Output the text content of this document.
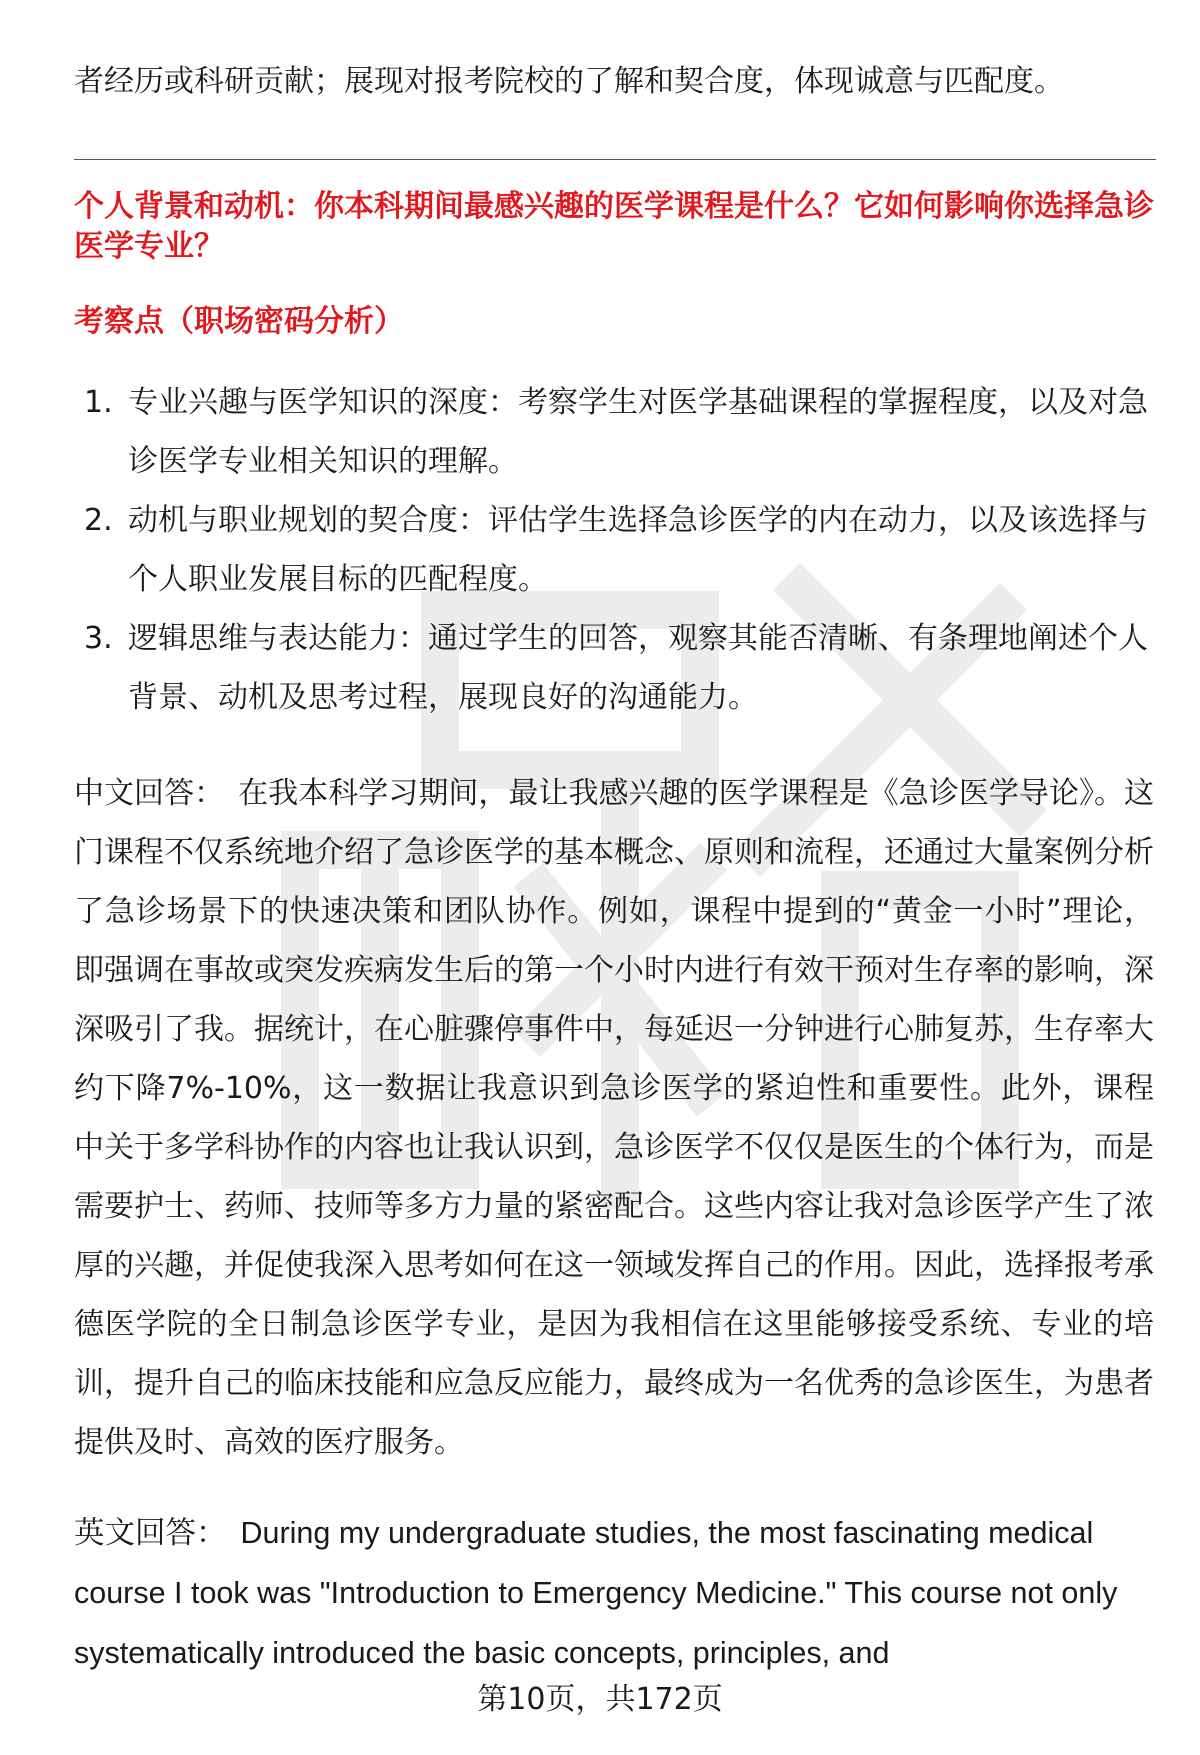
者经历或科研贡献；展现对报考院校的了解和契合度，体现诚意与匹配度。
个人背景和动机：你本科期间最感兴趣的医学课程是什么？它如何影响你选择急诊医学专业？
考察点（职场密码分析）
1. 专业兴趣与医学知识的深度：考察学生对医学基础课程的掌握程度，以及对急诊医学专业相关知识的理解。
2. 动机与职业规划的契合度：评估学生选择急诊医学的内在动力，以及该选择与个人职业发展目标的匹配程度。
3. 逻辑思维与表达能力：通过学生的回答，观察其能否清晰、有条理地阐述个人背景、动机及思考过程，展现良好的沟通能力。
中文回答： 在我本科学习期间，最让我感兴趣的医学课程是《急诊医学导论》。这门课程不仅系统地介绍了急诊医学的基本概念、原则和流程，还通过大量案例分析了急诊场景下的快速决策和团队协作。例如，课程中提到的“黄金一小时”理论，即强调在事故或突发疾病发生后的第一个小时内进行有效干预对生存率的影响，深深吸引了我。据统计，在心脏骤停事件中，每延迟一分钟进行心肺复苏，生存率大约下降7%-10%，这一数据让我意识到急诊医学的紧迫性和重要性。此外，课程中关于多学科协作的内容也让我认识到，急诊医学不仅仅是医生的个体行为，而是需要护士、药师、技师等多方力量的紧密配合。这些内容让我对急诊医学产生了浓厚的兴趣，并促使我深入思考如何在这一领域发挥自己的作用。因此，选择报考承德医学院的全日制急诊医学专业，是因为我相信在这里能够接受系统、专业的培训，提升自己的临床技能和应急反应能力，最终成为一名优秀的急诊医生，为患者提供及时、高效的医疗服务。
英文回答： During my undergraduate studies, the most fascinating medical course I took was "Introduction to Emergency Medicine." This course not only systematically introduced the basic concepts, principles, and
第10页，共172页
